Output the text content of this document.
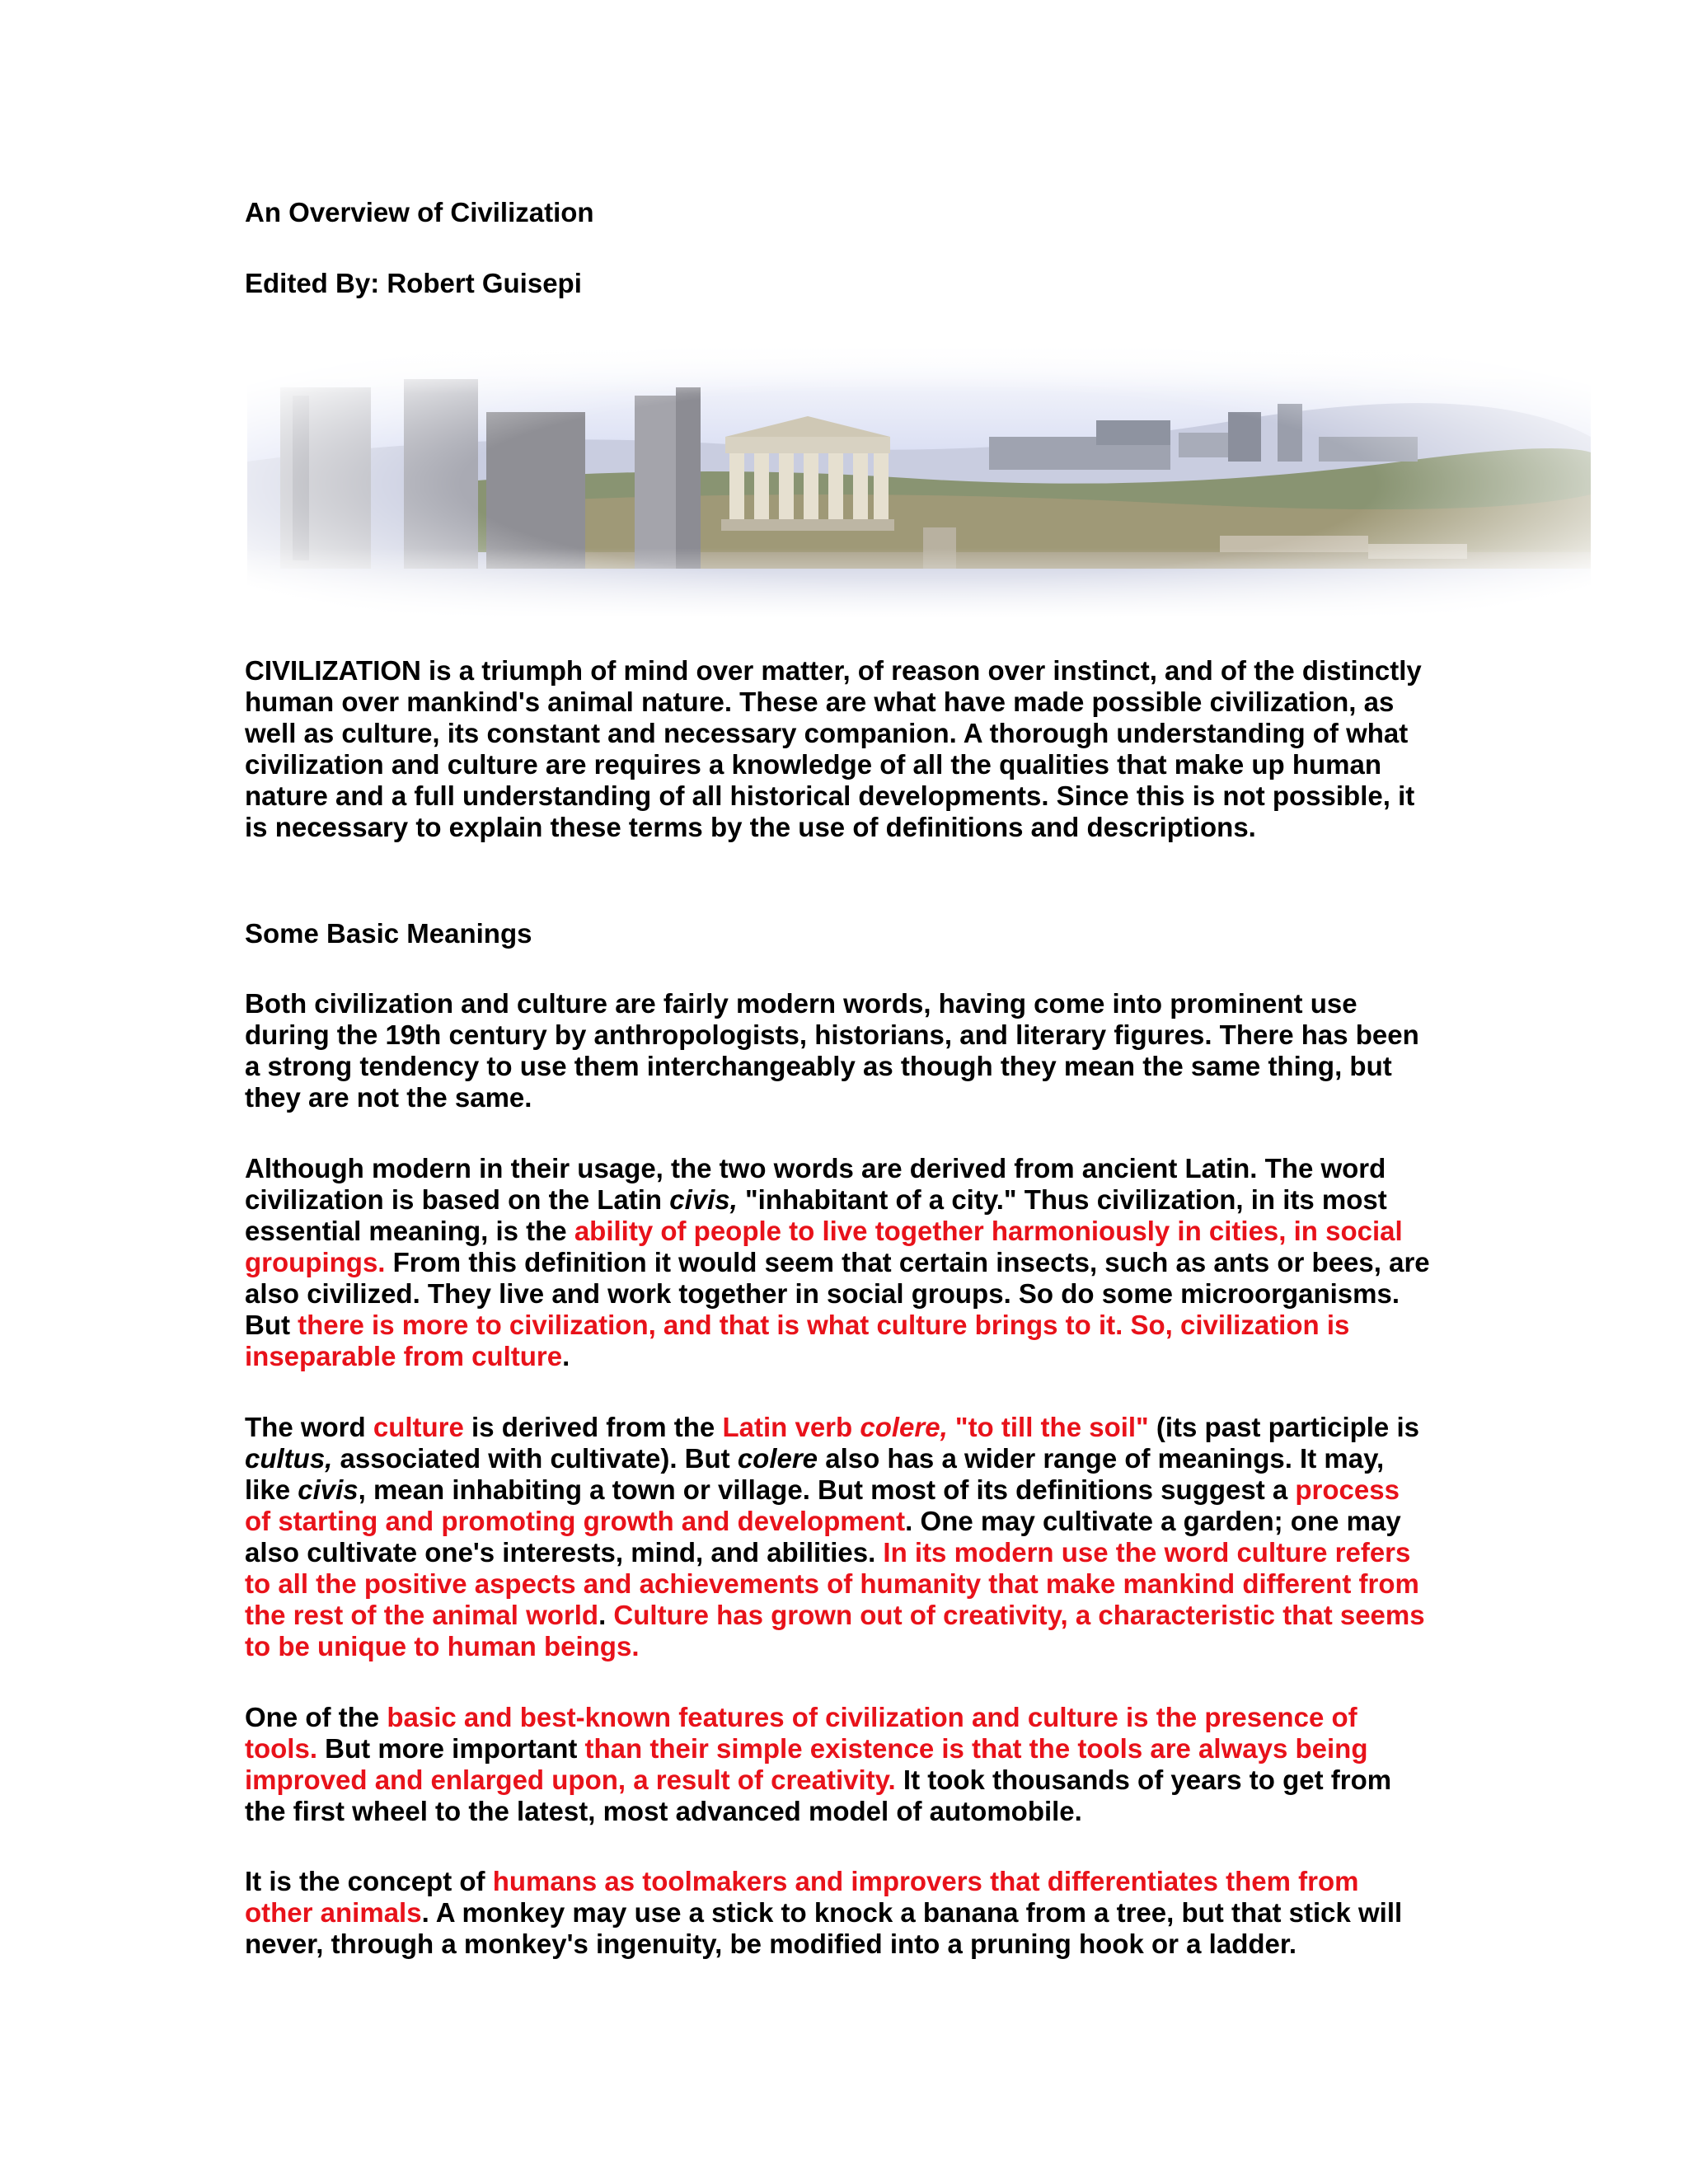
An Overview of Civilization
Edited By: Robert Guisepi

CIVILIZATION is a triumph of mind over matter, of reason over instinct, and of the distinctly human over mankind's animal nature. These are what have made possible civilization, as well as culture, its constant and necessary companion. A thorough understanding of what civilization and culture are requires a knowledge of all the qualities that make up human nature and a full understanding of all historical developments. Since this is not possible, it is necessary to explain these terms by the use of definitions and descriptions.

Some Basic Meanings

Both civilization and culture are fairly modern words, having come into prominent use during the 19th century by anthropologists, historians, and literary figures. There has been a strong tendency to use them interchangeably as though they mean the same thing, but they are not the same.

Although modern in their usage, the two words are derived from ancient Latin. The word civilization is based on the Latin civis, "inhabitant of a city." Thus civilization, in its most essential meaning, is the ability of people to live together harmoniously in cities, in social groupings. From this definition it would seem that certain insects, such as ants or bees, are also civilized. They live and work together in social groups. So do some microorganisms. But there is more to civilization, and that is what culture brings to it. So, civilization is inseparable from culture.

The word culture is derived from the Latin verb colere, "to till the soil" (its past participle is cultus, associated with cultivate). But colere also has a wider range of meanings. It may, like civis, mean inhabiting a town or village. But most of its definitions suggest a process of starting and promoting growth and development. One may cultivate a garden; one may also cultivate one's interests, mind, and abilities. In its modern use the word culture refers to all the positive aspects and achievements of humanity that make mankind different from the rest of the animal world. Culture has grown out of creativity, a characteristic that seems to be unique to human beings.

One of the basic and best-known features of civilization and culture is the presence of tools. But more important than their simple existence is that the tools are always being improved and enlarged upon, a result of creativity. It took thousands of years to get from the first wheel to the latest, most advanced model of automobile.

It is the concept of humans as toolmakers and improvers that differentiates them from other animals. A monkey may use a stick to knock a banana from a tree, but that stick will never, through a monkey's ingenuity, be modified into a pruning hook or a ladder.
